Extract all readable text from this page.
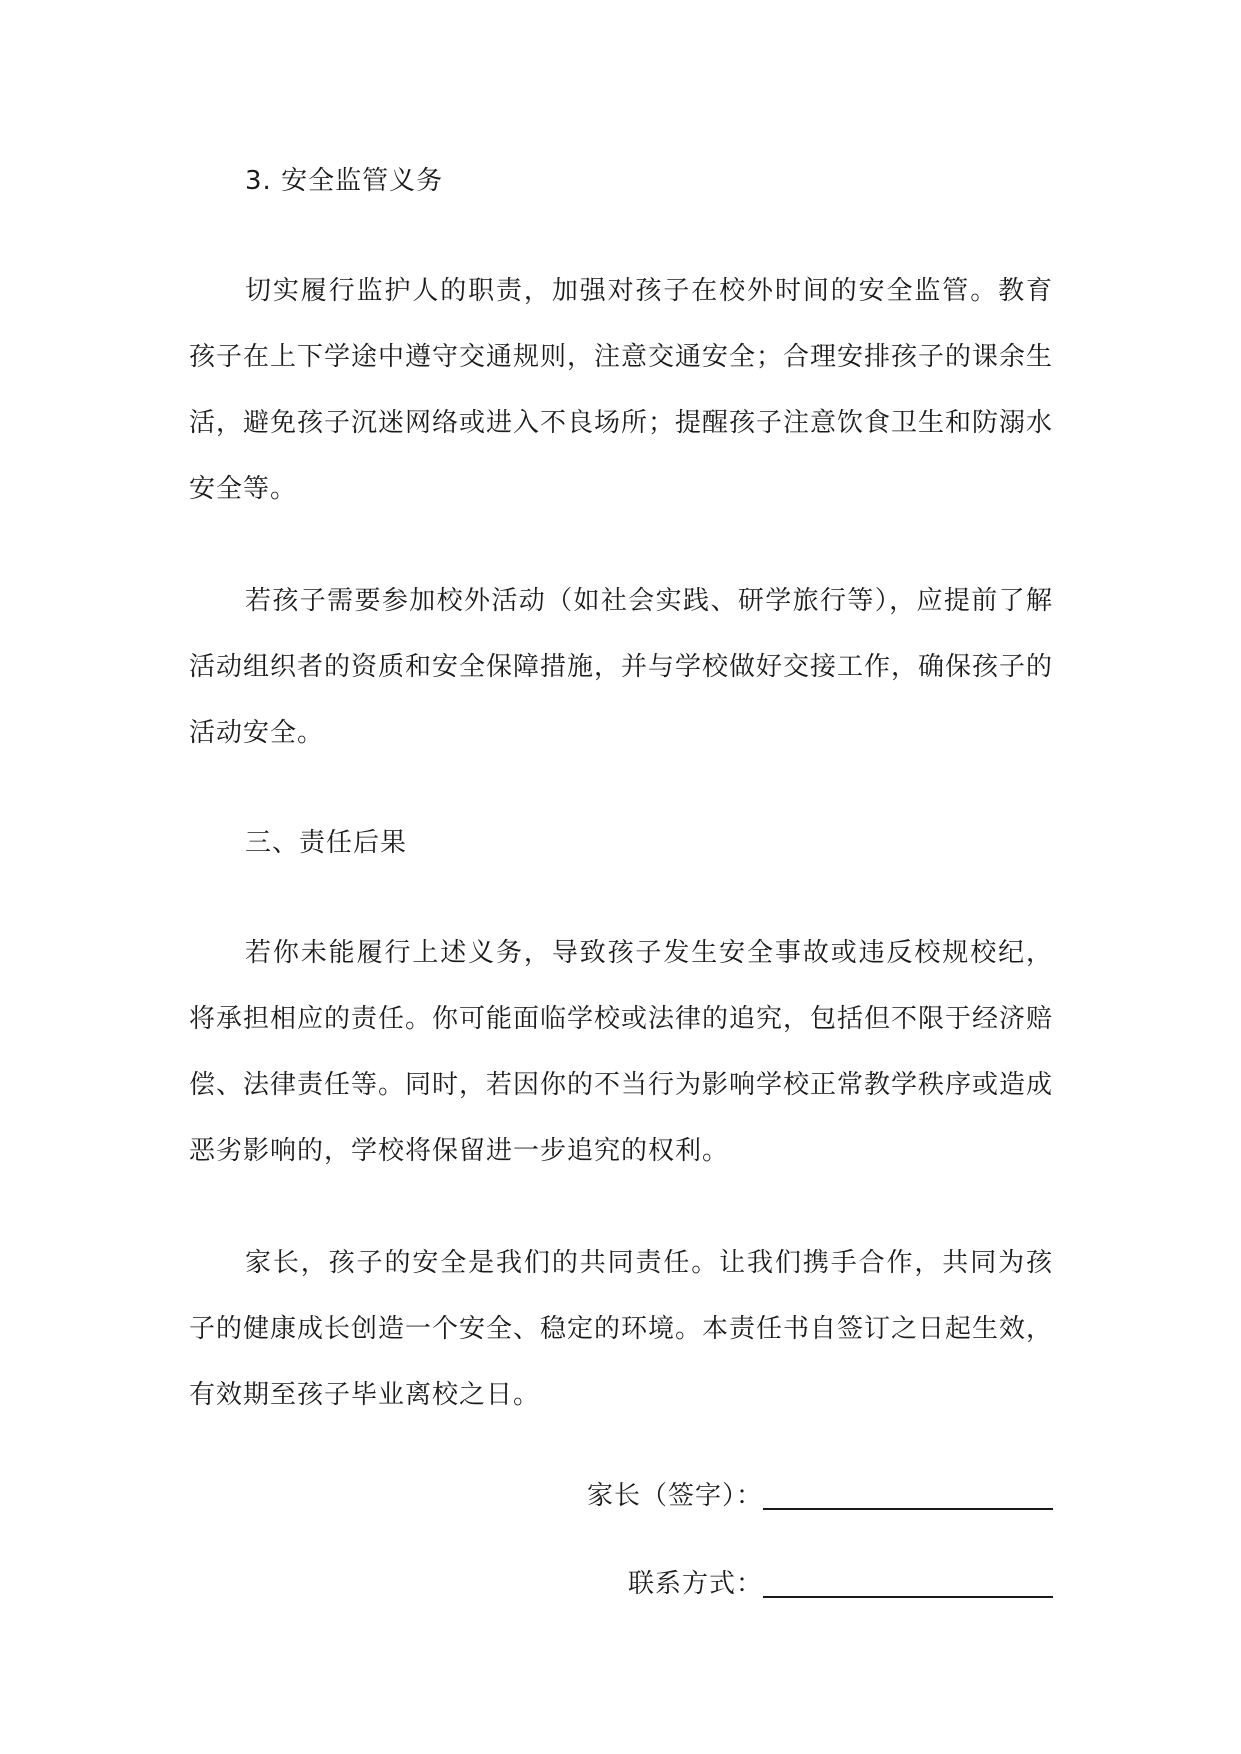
3. 安全监管义务

切实履行监护人的职责，加强对孩子在校外时间的安全监管。教育孩子在上下学途中遵守交通规则，注意交通安全；合理安排孩子的课余生活，避免孩子沉迷网络或进入不良场所；提醒孩子注意饮食卫生和防溺水安全等。

若孩子需要参加校外活动（如社会实践、研学旅行等），应提前了解活动组织者的资质和安全保障措施，并与学校做好交接工作，确保孩子的活动安全。

三、责任后果

若你未能履行上述义务，导致孩子发生安全事故或违反校规校纪，将承担相应的责任。你可能面临学校或法律的追究，包括但不限于经济赔偿、法律责任等。同时，若因你的不当行为影响学校正常教学秩序或造成恶劣影响的，学校将保留进一步追究的权利。

家长，孩子的安全是我们的共同责任。让我们携手合作，共同为孩子的健康成长创造一个安全、稳定的环境。本责任书自签订之日起生效，有效期至孩子毕业离校之日。

家长（签字）：
联系方式：
